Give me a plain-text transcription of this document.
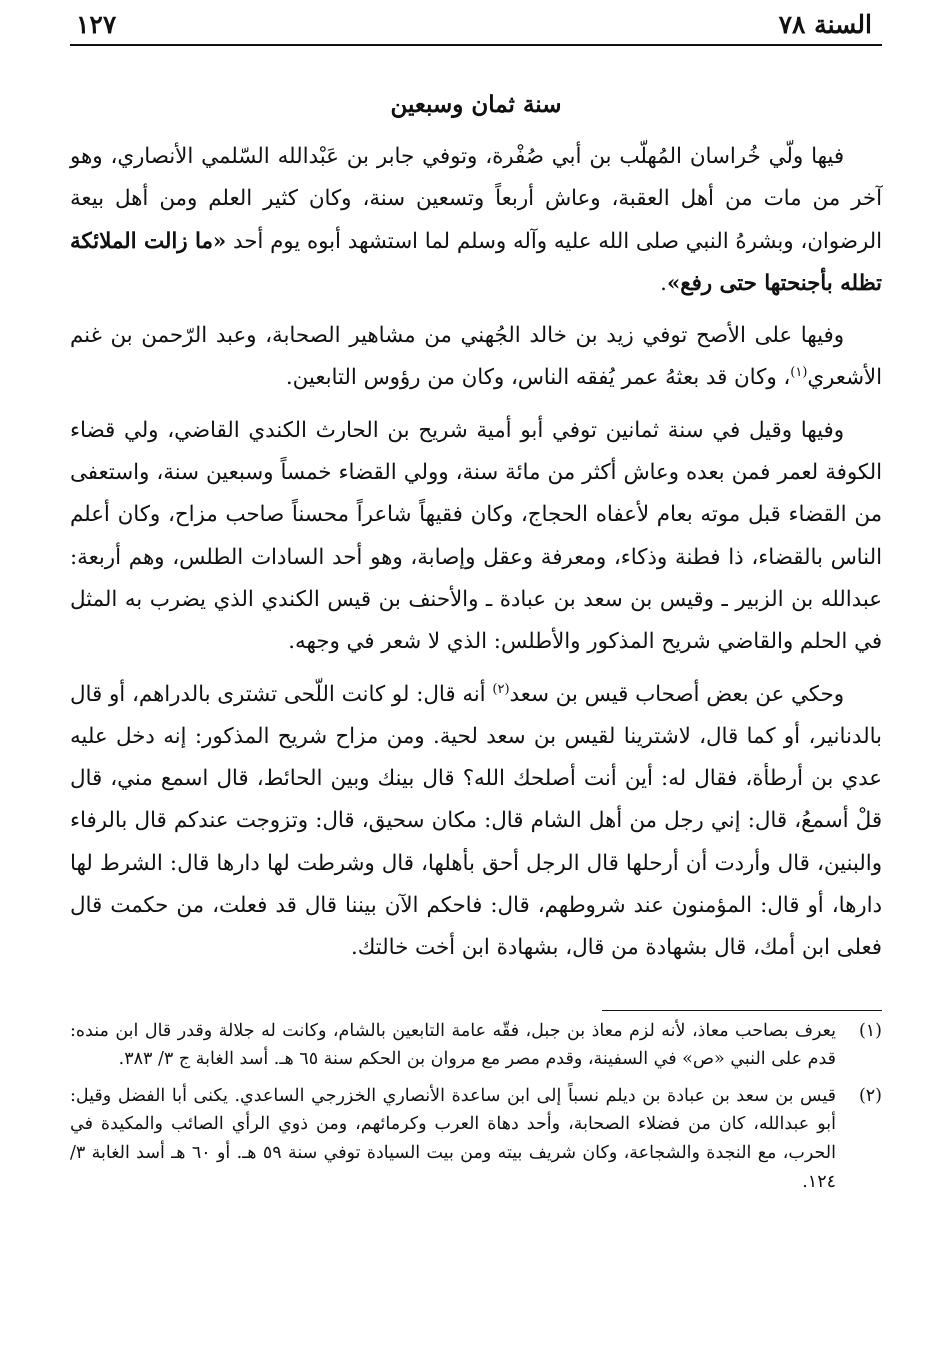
السنة ٧٨
١٢٧
سنة ثمان وسبعين

فيها ولّي خُراسان المُهلّب بن أبي صُفْرة، وتوفي جابر بن عَبْدالله السّلمي الأنصاري، وهو آخر من مات من أهل العقبة، وعاش أربعاً وتسعين سنة، وكان كثير العلم ومن أهل بيعة الرضوان، وبشرهُ النبي صلى الله عليه وآله وسلم لما استشهد أبوه يوم أحد «ما زالت الملائكة تظله بأجنحتها حتى رفع».

وفيها على الأصح توفي زيد بن خالد الجُهني من مشاهير الصحابة، وعبد الرّحمن بن غنم الأشعري$^{(١)}$، وكان قد بعثهُ عمر يُفقه الناس، وكان من رؤوس التابعين.

وفيها وقيل في سنة ثمانين توفي أبو أمية شريح بن الحارث الكندي القاضي، ولي قضاء الكوفة لعمر فمن بعده وعاش أكثر من مائة سنة، وولي القضاء خمساً وسبعين سنة، واستعفى من القضاء قبل موته بعام لأعفاه الحجاج، وكان فقيهاً شاعراً محسناً صاحب مزاح، وكان أعلم الناس بالقضاء، ذا فطنة وذكاء، ومعرفة وعقل وإصابة، وهو أحد السادات الطلس، وهم أربعة: عبدالله بن الزبير ـ وقيس بن سعد بن عبادة ـ والأحنف بن قيس الكندي الذي يضرب به المثل في الحلم والقاضي شريح المذكور والأطلس: الذي لا شعر في وجهه.

وحكي عن بعض أصحاب قيس بن سعد$^{(٢)}$ أنه قال: لو كانت اللّحى تشترى بالدراهم، أو قال بالدنانير، أو كما قال، لاشترينا لقيس بن سعد لحية. ومن مزاح شريح المذكور: إنه دخل عليه عدي بن أرطأة، فقال له: أين أنت أصلحك الله؟ قال بينك وبين الحائط، قال اسمع مني، قال قلْ أسمعُ، قال: إني رجل من أهل الشام قال: مكان سحيق، قال: وتزوجت عندكم قال بالرفاء والبنين، قال وأردت أن أرحلها قال الرجل أحق بأهلها، قال وشرطت لها دارها قال: الشرط لها دارها، أو قال: المؤمنون عند شروطهم، قال: فاحكم الآن بيننا قال قد فعلت، من حكمت قال فعلى ابن أمك، قال بشهادة من قال، بشهادة ابن أخت خالتك.

(١)
يعرف بصاحب معاذ، لأنه لزم معاذ بن جبل، فقّه عامة التابعين بالشام، وكانت له جلالة وقدر قال ابن منده: قدم على النبي «ص» في السفينة، وقدم مصر مع مروان بن الحكم سنة ٦٥ هـ. أسد الغابة ج ٣/ ٣٨٣.
(٢)
قيس بن سعد بن عبادة بن ديلم نسباً إلى ابن ساعدة الأنصاري الخزرجي الساعدي. يكنى أبا الفضل وقيل: أبو عبدالله، كان من فضلاء الصحابة، وأحد دهاة العرب وكرمائهم، ومن ذوي الرأي الصائب والمكيدة في الحرب، مع النجدة والشجاعة، وكان شريف بيته ومن بيت السيادة توفي سنة ٥٩ هـ. أو ٦٠ هـ أسد الغابة ٣/ ١٢٤.
